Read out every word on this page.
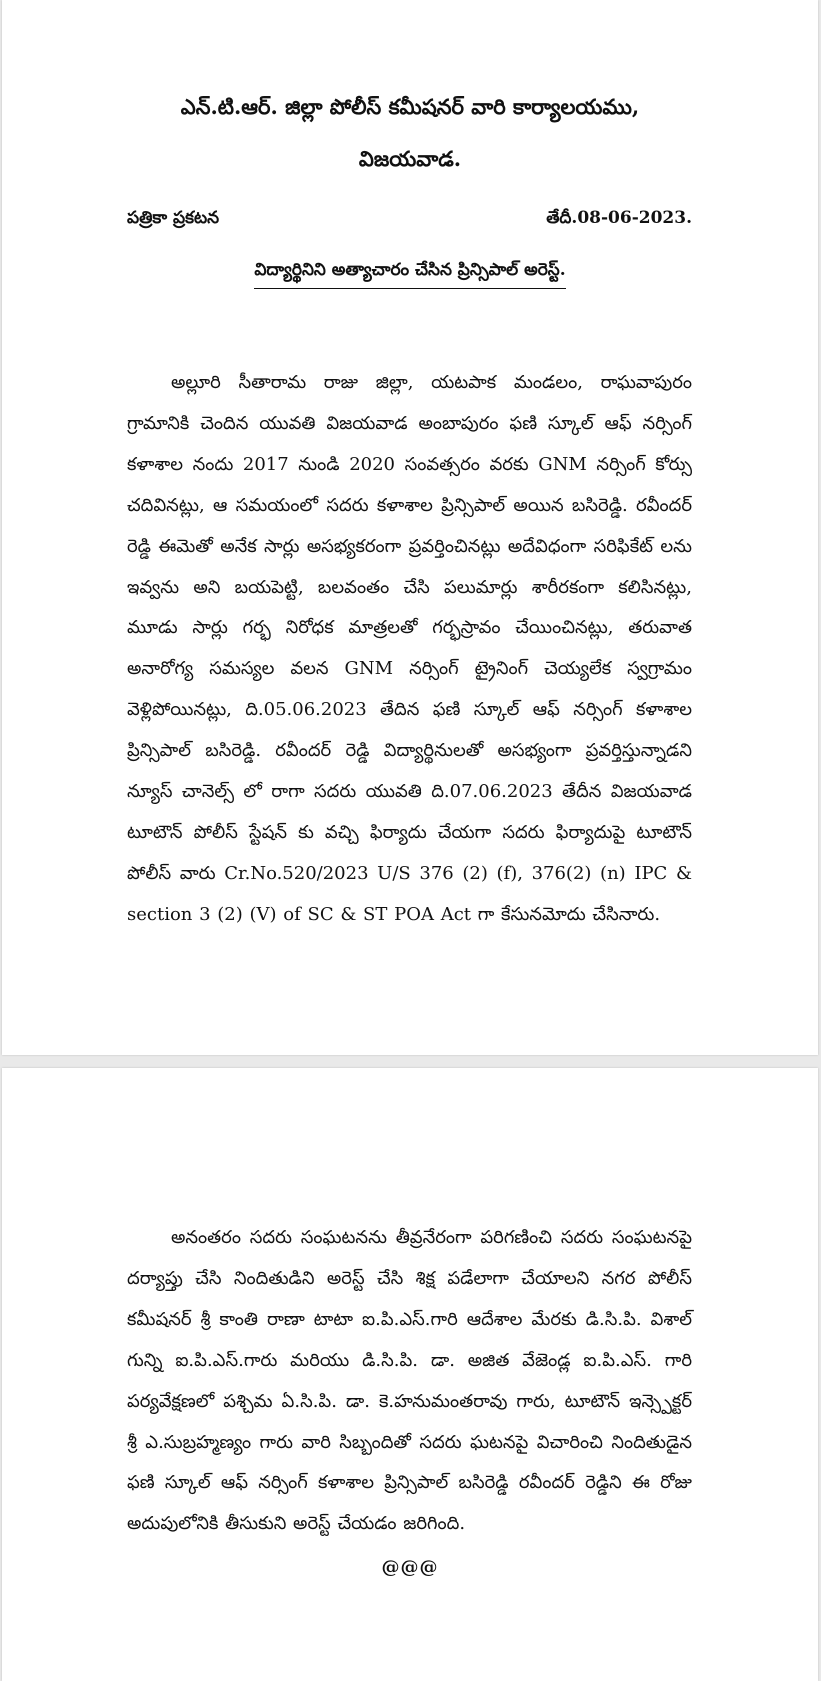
ఎన్.టి.ఆర్. జిల్లా పోలీస్ కమీషనర్ వారి కార్యాలయము,
విజయవాడ.
పత్రికా ప్రకటన	తేదీ.08-06-2023.
విద్యార్థినిని అత్యాచారం చేసిన ప్రిన్సిపాల్ అరెస్ట్.

అల్లూరి సీతారామ రాజు జిల్లా, యటపాక మండలం, రాఘవాపురం గ్రామానికి చెందిన యువతి విజయవాడ అంబాపురం ఫణి స్కూల్ ఆఫ్ నర్సింగ్ కళాశాల నందు 2017 నుండి 2020 సంవత్సరం వరకు GNM నర్సింగ్ కోర్సు చదివినట్లు, ఆ సమయంలో సదరు కళాశాల ప్రిన్సిపాల్ అయిన బసిరెడ్డి. రవీందర్ రెడ్డి ఈమెతో అనేక సార్లు అసభ్యకరంగా ప్రవర్తించినట్లు అదేవిధంగా సరిఫికేట్ లను ఇవ్వను అని బయపెట్టి, బలవంతం చేసి పలుమార్లు శారీరకంగా కలిసినట్లు, మూడు సార్లు గర్భ నిరోధక మాత్రలతో గర్భస్రావం చేయించినట్లు, తరువాత అనారోగ్య సమస్యల వలన GNM నర్సింగ్ ట్రైనింగ్ చెయ్యలేక స్వగ్రామం వెళ్లిపోయినట్లు, ది.05.06.2023 తేదిన ఫణి స్కూల్ ఆఫ్ నర్సింగ్ కళాశాల ప్రిన్సిపాల్ బసిరెడ్డి. రవీందర్ రెడ్డి విద్యార్థినులతో అసభ్యంగా ప్రవర్తిస్తున్నాడని న్యూస్ చానెల్స్ లో రాగా సదరు యువతి ది.07.06.2023 తేదీన విజయవాడ టూటౌన్ పోలీస్ స్టేషన్ కు వచ్చి ఫిర్యాదు చేయగా సదరు ఫిర్యాదుపై టూటౌన్ పోలీస్ వారు Cr.No.520/2023 U/S 376 (2) (f), 376(2) (n) IPC & section 3 (2) (V) of SC & ST POA Act గా కేసునమోదు చేసినారు.

అనంతరం సదరు సంఘటనను తీవ్రనేరంగా పరిగణించి సదరు సంఘటనపై దర్యాప్తు చేసి నిందితుడిని అరెస్ట్ చేసి శిక్ష పడేలాగా చేయాలని నగర పోలీస్ కమీషనర్ శ్రీ కాంతి రాణా టాటా ఐ.పి.ఎస్.గారి ఆదేశాల మేరకు డి.సి.పి. విశాల్ గున్ని ఐ.పి.ఎస్.గారు మరియు డి.సి.పి. డా. అజిత వేజెండ్ల ఐ.పి.ఎస్. గారి పర్యవేక్షణలో పశ్చిమ ఏ.సి.పి. డా. కె.హనుమంతరావు గారు, టూటౌన్ ఇన్స్పెక్టర్ శ్రీ ఎ.సుబ్రహ్మణ్యం గారు వారి సిబ్బందితో సదరు ఘటనపై విచారించి నిందితుడైన ఫణి స్కూల్ ఆఫ్ నర్సింగ్ కళాశాల ప్రిన్సిపాల్ బసిరెడ్డి రవీందర్ రెడ్డిని ఈ రోజు అదుపులోనికి తీసుకుని అరెస్ట్ చేయడం జరిగింది.

@@@
